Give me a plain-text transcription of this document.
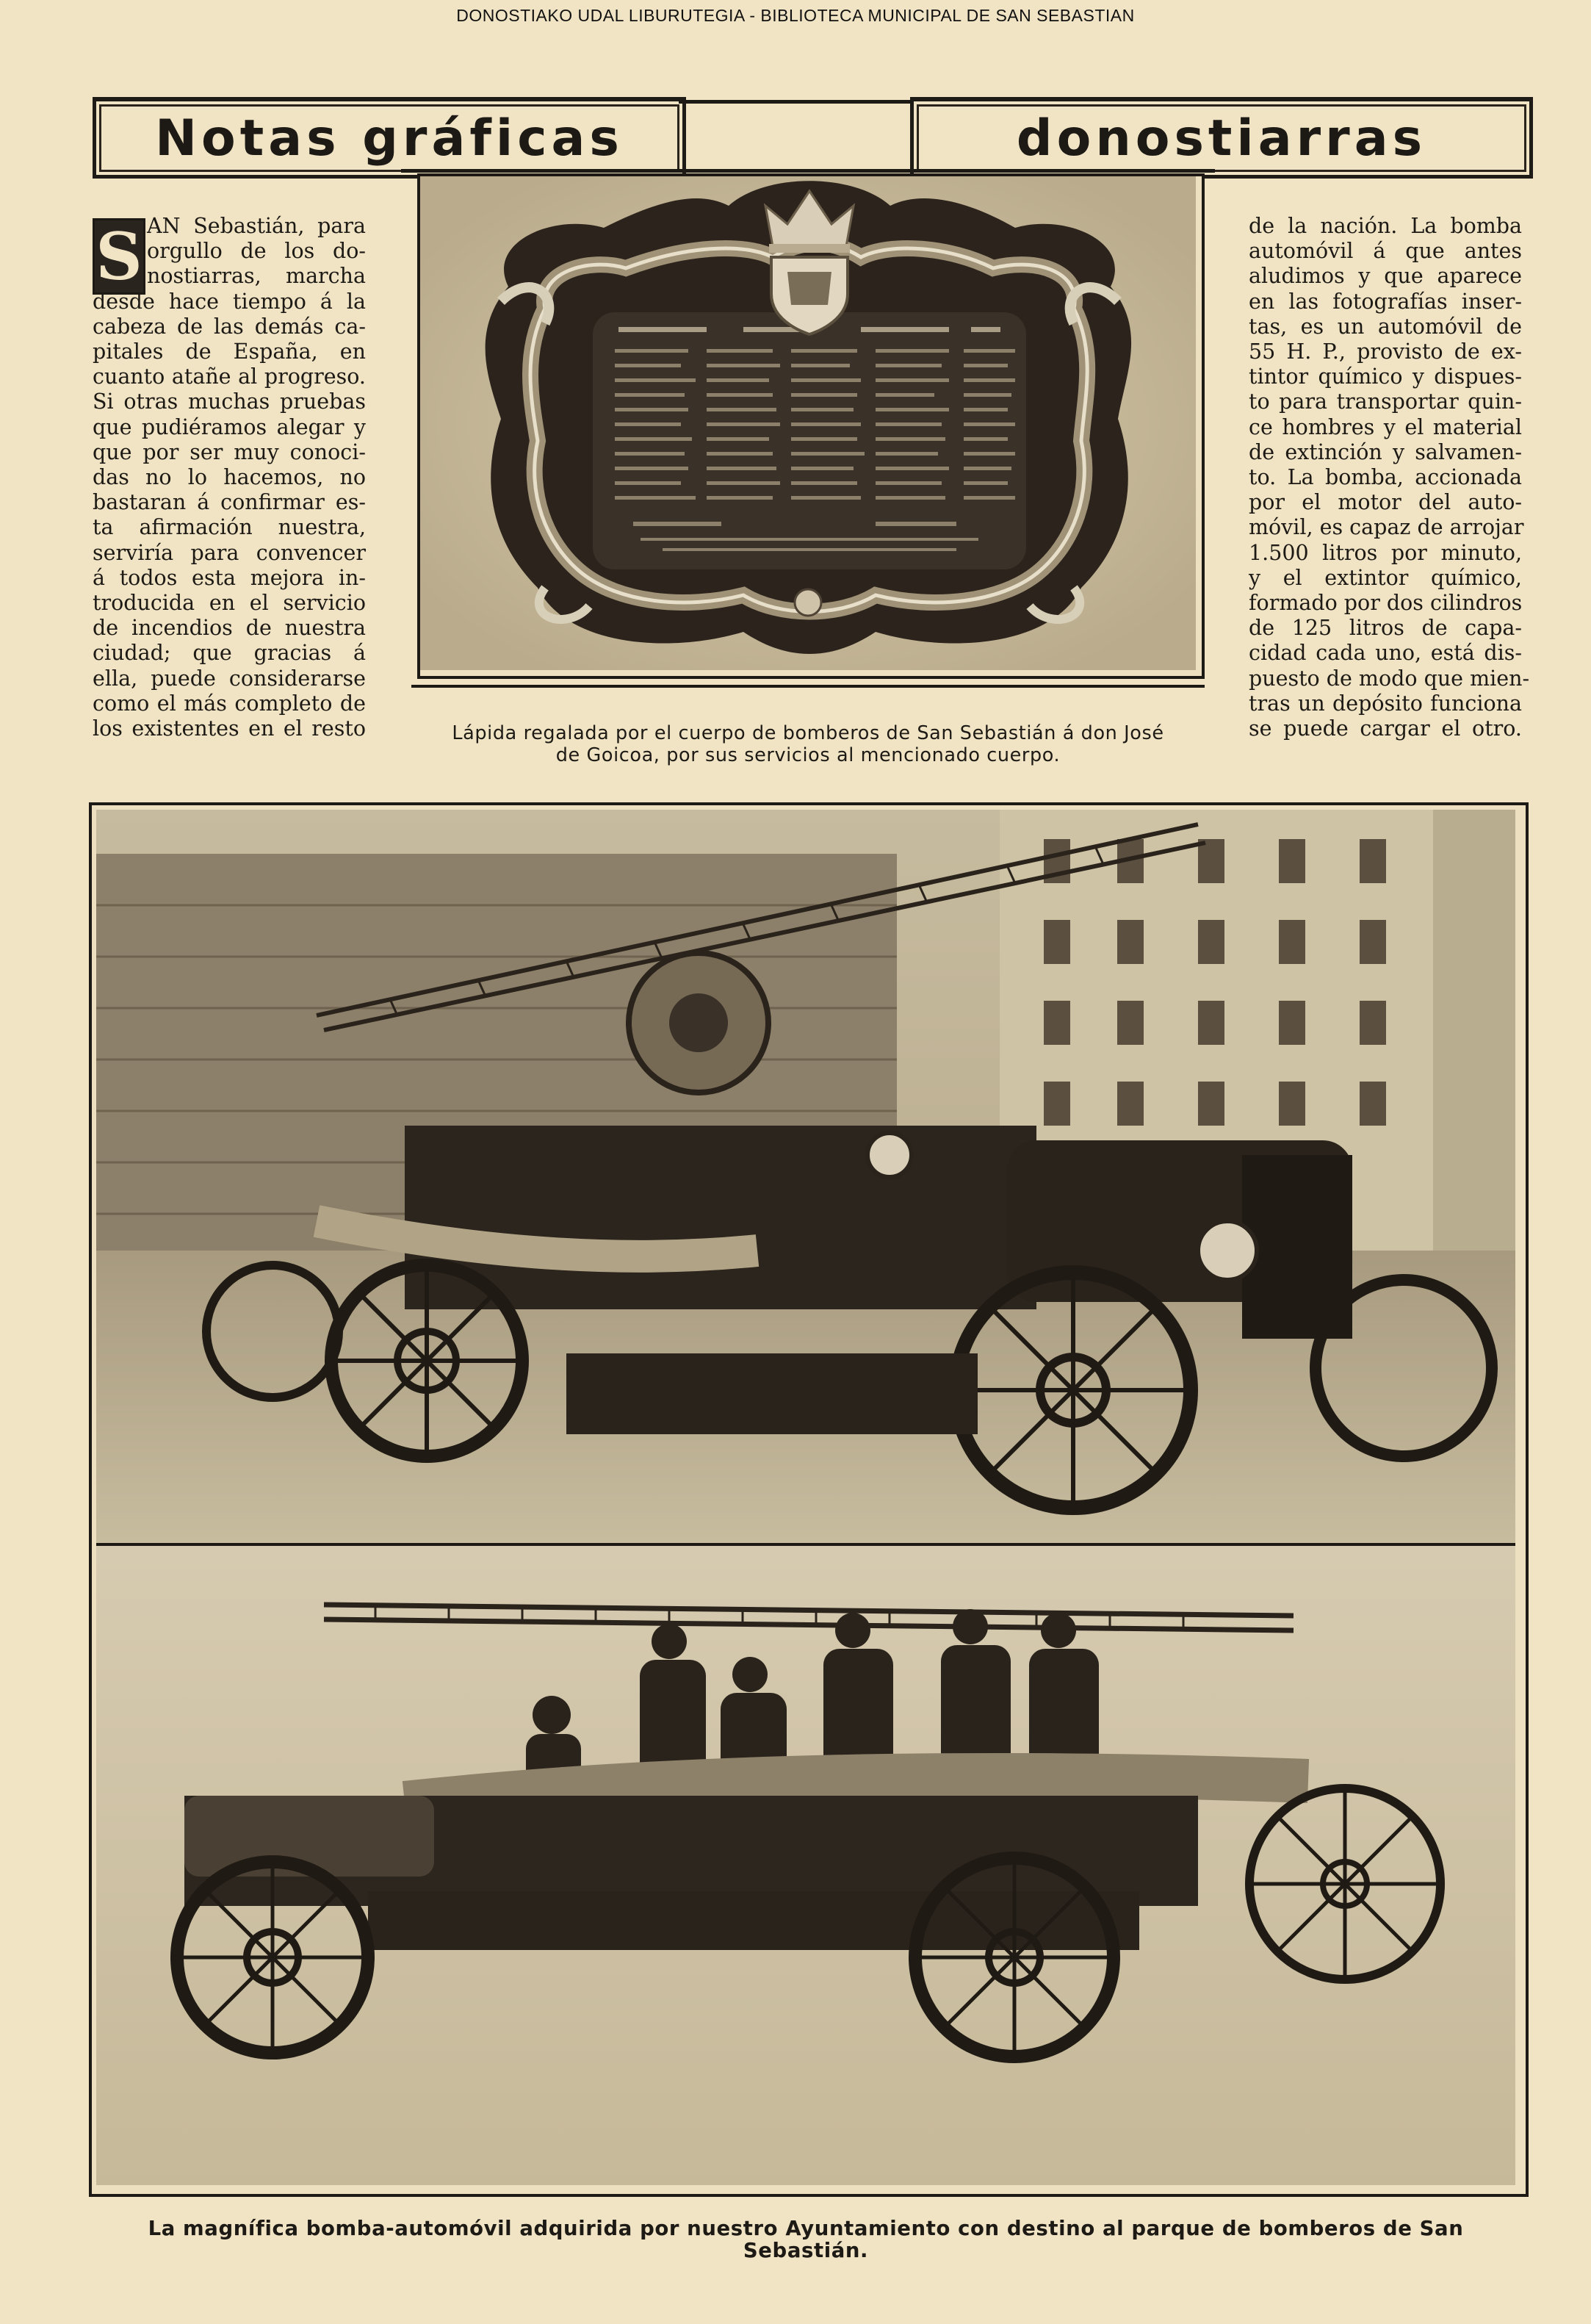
DONOSTIAKO UDAL LIBURUTEGIA - BIBLIOTECA MUNICIPAL DE SAN SEBASTIAN
Notas gráficas	donostiarras
S AN Sebastián, para
orgullo de los do-
nostiarras, marcha
desde hace tiempo á la
cabeza de las demás ca-
pitales de España, en
cuanto atañe al progreso.
Si otras muchas pruebas
que pudiéramos alegar y
que por ser muy conoci-
das no lo hacemos, no
bastaran á confirmar es-
ta afirmación nuestra,
serviría para convencer
á todos esta mejora in-
troducida en el servicio
de incendios de nuestra
ciudad; que gracias á
ella, puede considerarse
como el más completo de
los existentes en el resto
de la nación. La bomba
automóvil á que antes
aludimos y que aparece
en las fotografías inser-
tas, es un automóvil de
55 H. P., provisto de ex-
tintor químico y dispues-
to para transportar quin-
ce hombres y el material
de extinción y salvamen-
to. La bomba, accionada
por el motor del auto-
móvil, es capaz de arrojar
1.500 litros por minuto,
y el extintor químico,
formado por dos cilindros
de 125 litros de capa-
cidad cada uno, está dis-
puesto de modo que mien-
tras un depósito funciona
se puede cargar el otro.
Lápida regalada por el cuerpo de bomberos de San Sebastián á don José
de Goicoa, por sus servicios al mencionado cuerpo.
La magnífica bomba-automóvil adquirida por nuestro Ayuntamiento con destino al parque de bomberos de San Sebastián.
